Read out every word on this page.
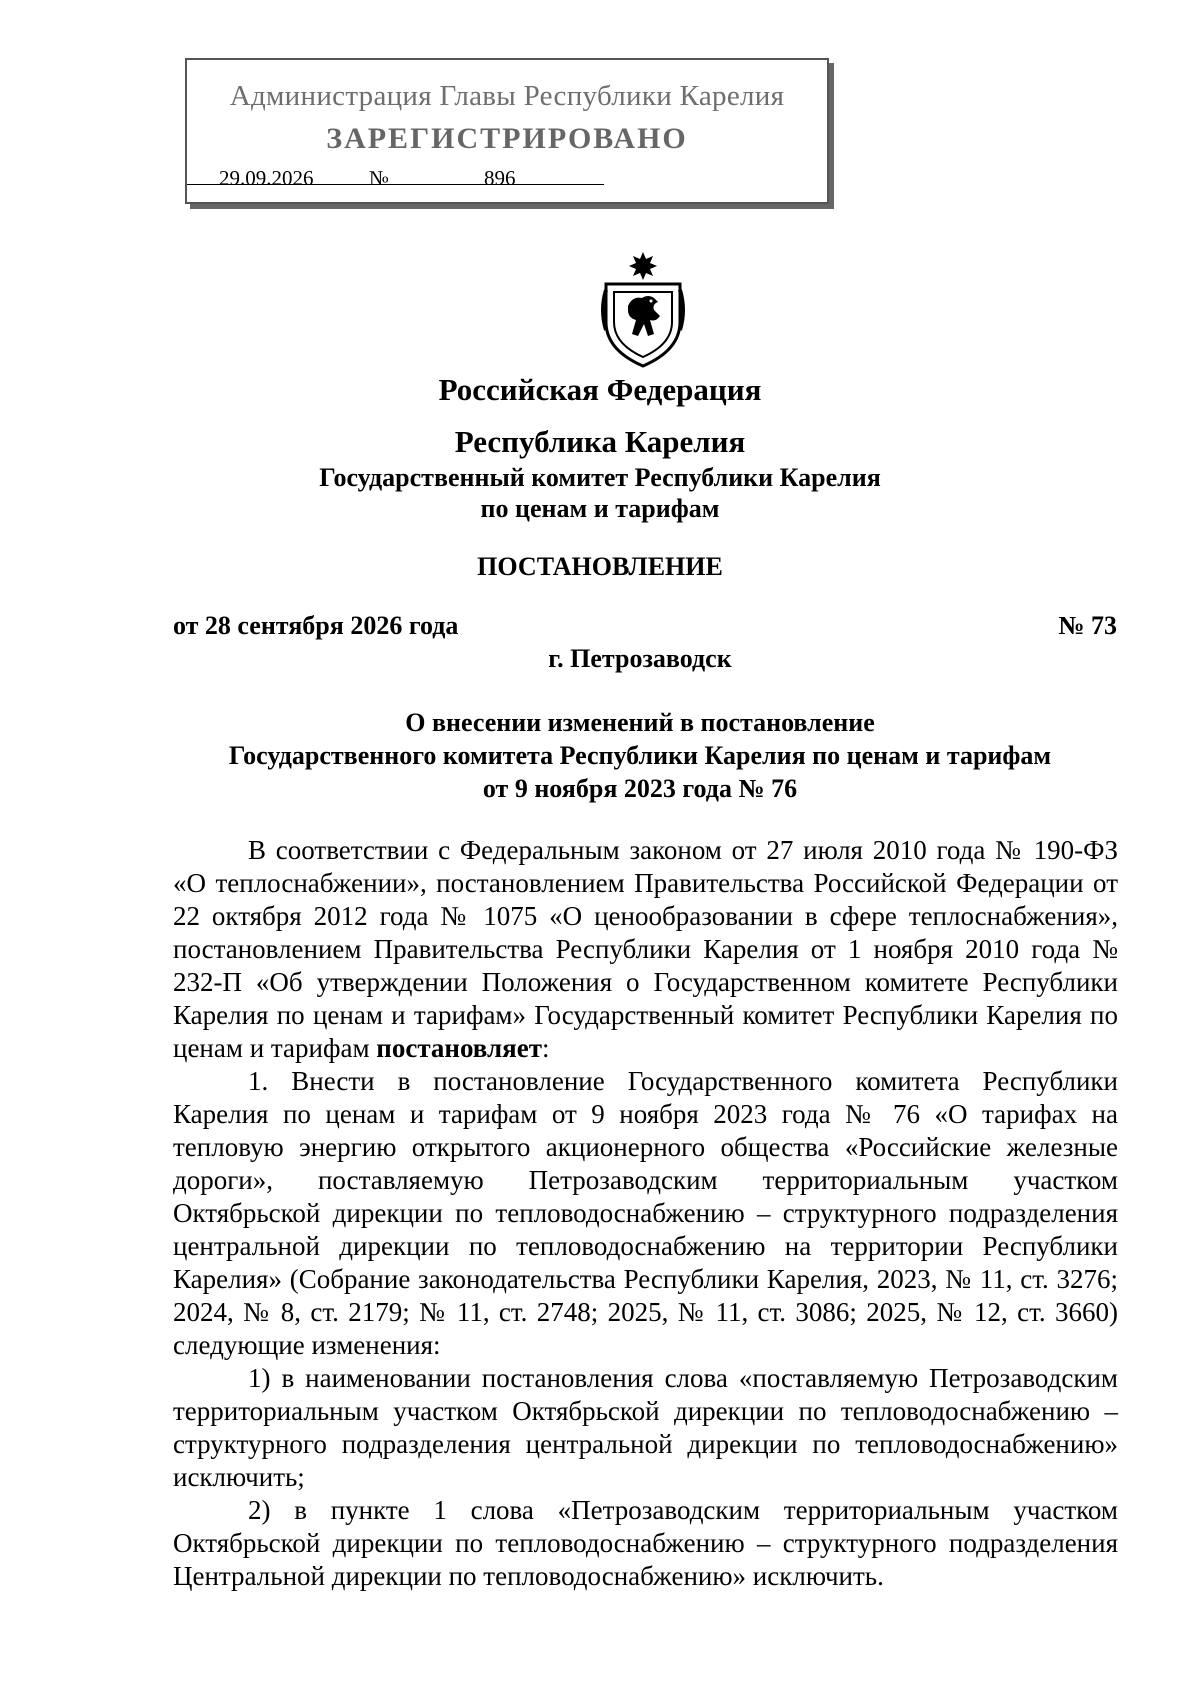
Администрация Главы Республики Карелия
ЗАРЕГИСТРИРОВАНО
29.09.2026	№	896
Российская Федерация
Республика Карелия
Государственный комитет Республики Карелия
по ценам и тарифам
ПОСТАНОВЛЕНИЕ
от 28 сентября 2026 года	№ 73
г. Петрозаводск
О внесении изменений в постановление
Государственного комитета Республики Карелия по ценам и тарифам
от 9 ноября 2023 года № 76

В соответствии с Федеральным законом от 27 июля 2010 года № 190-ФЗ «О теплоснабжении», постановлением Правительства Российской Федерации от 22 октября 2012 года № 1075 «О ценообразовании в сфере теплоснабжения», постановлением Правительства Республики Карелия от 1 ноября 2010 года № 232-П «Об утверждении Положения о Государственном комитете Республики Карелия по ценам и тарифам» Государственный комитет Республики Карелия по ценам и тарифам постановляет:

1. Внести в постановление Государственного комитета Республики Карелия по ценам и тарифам от 9 ноября 2023 года № 76 «О тарифах на тепловую энергию открытого акционерного общества «Российские железные дороги», поставляемую Петрозаводским территориальным участком Октябрьской дирекции по тепловодоснабжению – структурного подразделения центральной дирекции по тепловодоснабжению на территории Республики Карелия» (Собрание законодательства Республики Карелия, 2023, № 11, ст. 3276; 2024, № 8, ст. 2179; № 11, ст. 2748; 2025, № 11, ст. 3086; 2025, № 12, ст. 3660) следующие изменения:

1) в наименовании постановления слова «поставляемую Петрозаводским территориальным участком Октябрьской дирекции по тепловодоснабжению – структурного подразделения центральной дирекции по тепловодоснабжению» исключить;

2) в пункте 1 слова «Петрозаводским территориальным участком Октябрьской дирекции по тепловодоснабжению – структурного подразделения Центральной дирекции по тепловодоснабжению» исключить.
